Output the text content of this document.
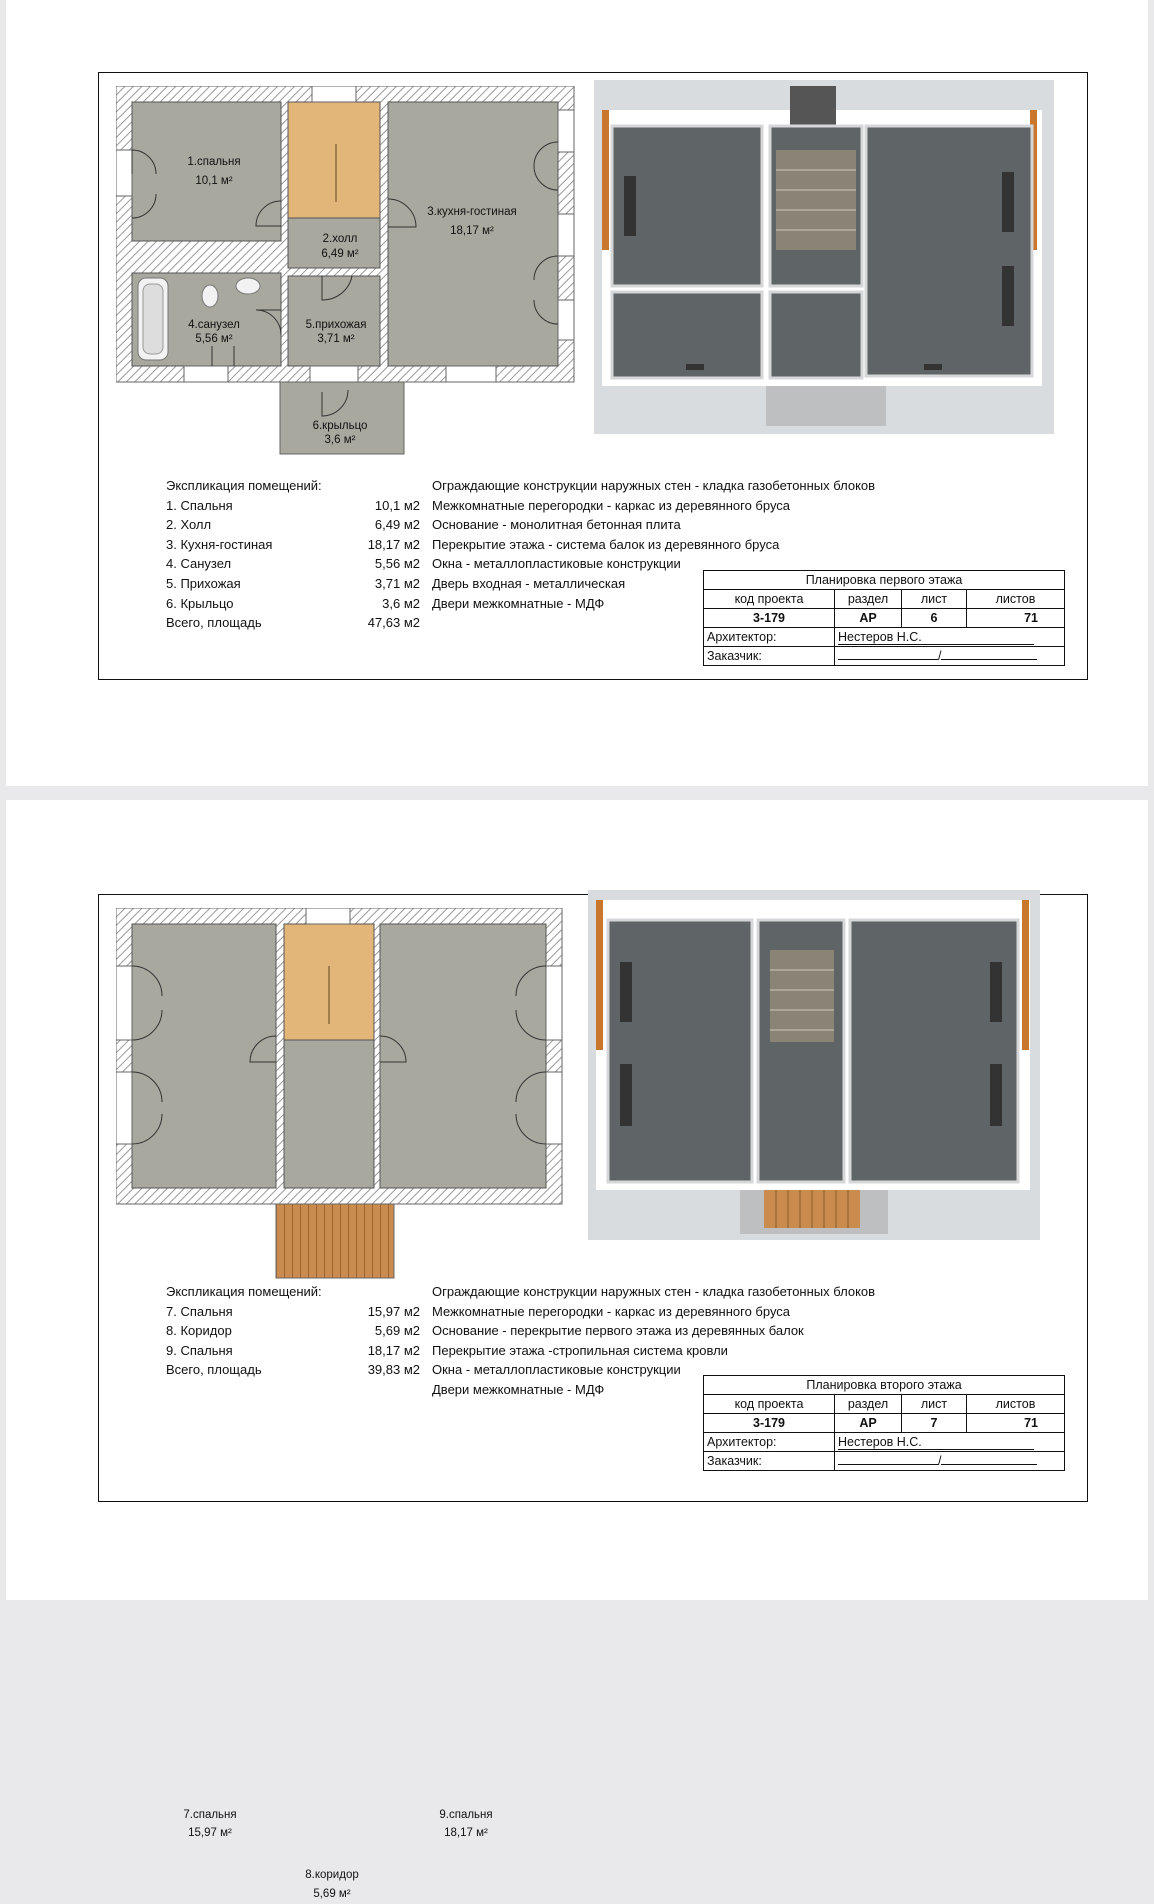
1.спальня
10,1 м²
2.холл
6,49 м²
3.кухня-гостиная
18,17 м²
4.санузел
5,56 м²
5.прихожая
3,71 м²
6.крыльцо
3,6 м²
Экспликация помещений:
1. Спальня	10,1 м2
2. Холл	6,49 м2
3. Кухня-гостиная	18,17 м2
4. Санузел	5,56 м2
5. Прихожая	3,71 м2
6. Крыльцо	3,6 м2
Всего, площадь	47,63 м2
Ограждающие конструкции наружных стен - кладка газобетонных блоков
Межкомнатные перегородки - каркас из деревянного бруса
Основание - монолитная бетонная плита
Перекрытие этажа - система балок из деревянного бруса
Окна - металлопластиковые конструкции
Дверь входная - металлическая
Двери межкомнатные - МДФ
Планировка первого этажа			
код проекта	раздел	лист	листов
3-179	АР	6	71
Архитектор:	Нестеров Н.С.		
Заказчик:	/		
7.спальня
15,97 м²
8.коридор
5,69 м²
9.спальня
18,17 м²
Экспликация помещений:
7. Спальня	15,97 м2
8. Коридор	5,69 м2
9. Спальня	18,17 м2
Всего, площадь	39,83 м2
Ограждающие конструкции наружных стен - кладка газобетонных блоков
Межкомнатные перегородки - каркас из деревянного бруса
Основание - перекрытие первого этажа из деревянных балок
Перекрытие этажа -стропильная система кровли
Окна - металлопластиковые конструкции
Двери межкомнатные - МДФ	Планировка второго этажа			
код проекта	раздел	лист	листов
3-179	АР	7	71
Архитектор:	Нестеров Н.С.		
Заказчик:	/		
